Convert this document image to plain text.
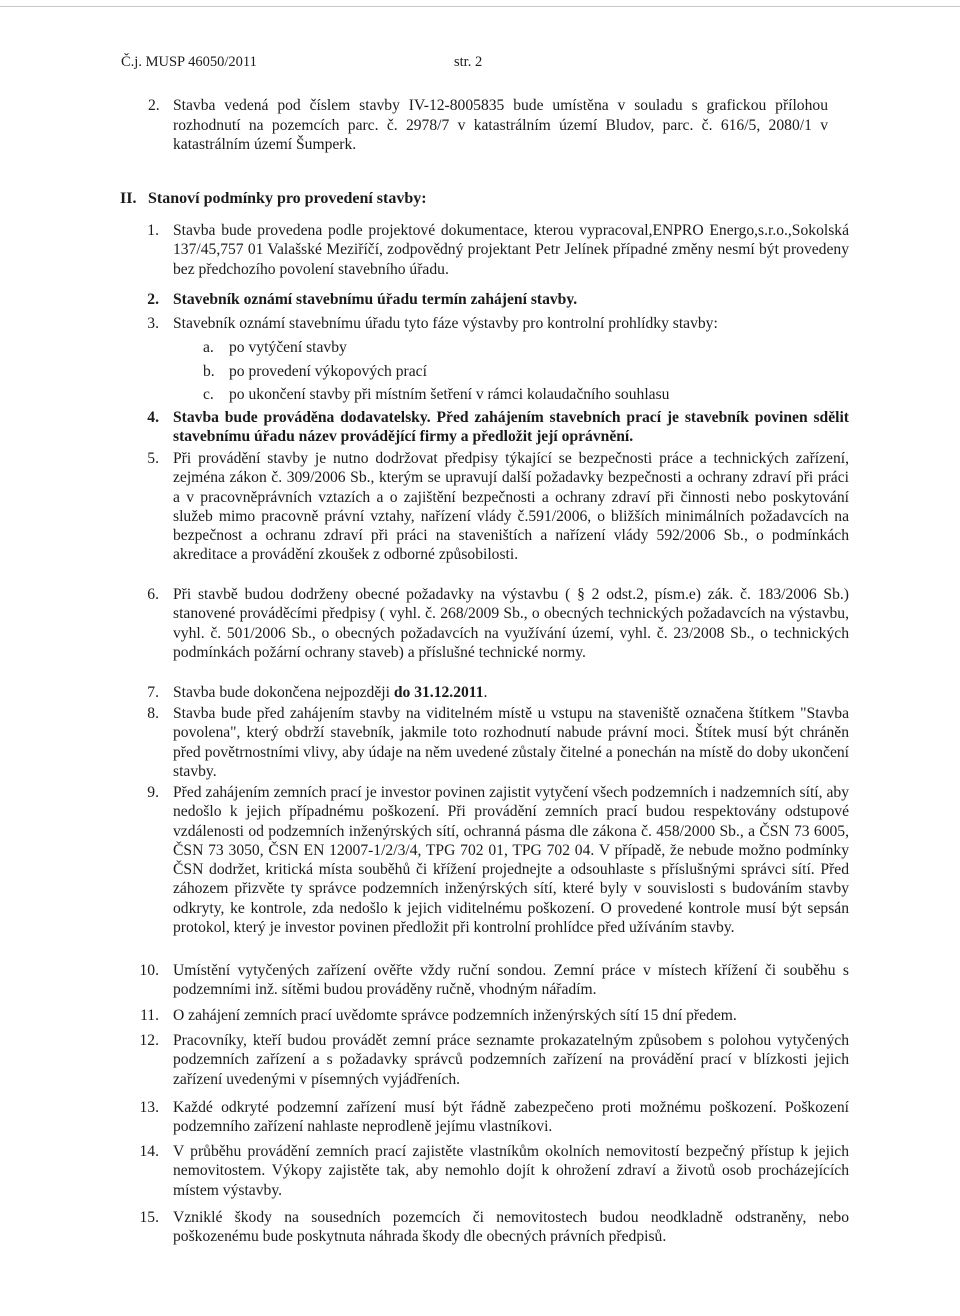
Č.j. MUSP 46050/2011	str. 2
2. Stavba vedená pod číslem stavby IV-12-8005835 bude umístěna v souladu s grafickou přílohou rozhodnutí na pozemcích parc. č. 2978/7 v katastrálním území Bludov, parc. č. 616/5, 2080/1 v katastrálním území Šumperk.
II. Stanoví podmínky pro provedení stavby:
1. Stavba bude provedena podle projektové dokumentace, kterou vypracoval,ENPRO Energo,s.r.o.,Sokolská 137/45,757 01 Valašské Meziříčí, zodpovědný projektant Petr Jelínek případné změny nesmí být provedeny bez předchozího povolení stavebního úřadu.
2. Stavebník oznámí stavebnímu úřadu termín zahájení stavby.
3. Stavebník oznámí stavebnímu úřadu tyto fáze výstavby pro kontrolní prohlídky stavby:
a. po vytýčení stavby
b. po provedení výkopových prací
c. po ukončení stavby při místním šetření v rámci kolaudačního souhlasu
4. Stavba bude prováděna dodavatelsky. Před zahájením stavebních prací je stavebník povinen sdělit stavebnímu úřadu název provádějící firmy a předložit její oprávnění.
5. Při provádění stavby je nutno dodržovat předpisy týkající se bezpečnosti práce a technických zařízení, zejména zákon č. 309/2006 Sb., kterým se upravují další požadavky bezpečnosti a ochrany zdraví při práci a v pracovněprávních vztazích a o zajištění bezpečnosti a ochrany zdraví při činnosti nebo poskytování služeb mimo pracovně právní vztahy, nařízení vlády č.591/2006, o bližších minimálních požadavcích na bezpečnost a ochranu zdraví při práci na staveništích a nařízení vlády 592/2006 Sb., o podmínkách akreditace a provádění zkoušek z odborné způsobilosti.
6. Při stavbě budou dodrženy obecné požadavky na výstavbu ( § 2 odst.2, písm.e) zák. č. 183/2006 Sb.) stanovené prováděcími předpisy ( vyhl. č. 268/2009 Sb., o obecných technických požadavcích na výstavbu, vyhl. č. 501/2006 Sb., o obecných požadavcích na využívání území, vyhl. č. 23/2008 Sb., o technických podmínkách požární ochrany staveb) a příslušné technické normy.
7. Stavba bude dokončena nejpozději do 31.12.2011.
8. Stavba bude před zahájením stavby na viditelném místě u vstupu na staveniště označena štítkem "Stavba povolena", který obdrží stavebník, jakmile toto rozhodnutí nabude právní moci. Štítek musí být chráněn před povětrnostními vlivy, aby údaje na něm uvedené zůstaly čitelné a ponechán na místě do doby ukončení stavby.
9. Před zahájením zemních prací je investor povinen zajistit vytyčení všech podzemních i nadzemních sítí, aby nedošlo k jejich případnému poškození. Při provádění zemních prací budou respektovány odstupové vzdálenosti od podzemních inženýrských sítí, ochranná pásma dle zákona č. 458/2000 Sb., a ČSN 73 6005, ČSN 73 3050, ČSN EN 12007-1/2/3/4, TPG 702 01, TPG 702 04. V případě, že nebude možno podmínky ČSN dodržet, kritická místa souběhů či křížení projednejte a odsouhlaste s příslušnými správci sítí. Před záhozem přizvěte ty správce podzemních inženýrských sítí, které byly v souvislosti s budováním stavby odkryty, ke kontrole, zda nedošlo k jejich viditelnému poškození. O provedené kontrole musí být sepsán protokol, který je investor povinen předložit při kontrolní prohlídce před užíváním stavby.
10. Umístění vytyčených zařízení ověřte vždy ruční sondou. Zemní práce v místech křížení či souběhu s podzemními inž. sítěmi budou prováděny ručně, vhodným nářadím.
11. O zahájení zemních prací uvědomte správce podzemních inženýrských sítí 15 dní předem.
12. Pracovníky, kteří budou provádět zemní práce seznamte prokazatelným způsobem s polohou vytyčených podzemních zařízení a s požadavky správců podzemních zařízení na provádění prací v blízkosti jejich zařízení uvedenými v písemných vyjádřeních.
13. Každé odkryté podzemní zařízení musí být řádně zabezpečeno proti možnému poškození. Poškození podzemního zařízení nahlaste neprodleně jejímu vlastníkovi.
14. V průběhu provádění zemních prací zajistěte vlastníkům okolních nemovitostí bezpečný přístup k jejich nemovitostem. Výkopy zajistěte tak, aby nemohlo dojít k ohrožení zdraví a životů osob procházejících místem výstavby.
15. Vzniklé škody na sousedních pozemcích či nemovitostech budou neodkladně odstraněny, nebo poškozenému bude poskytnuta náhrada škody dle obecných právních předpisů.
